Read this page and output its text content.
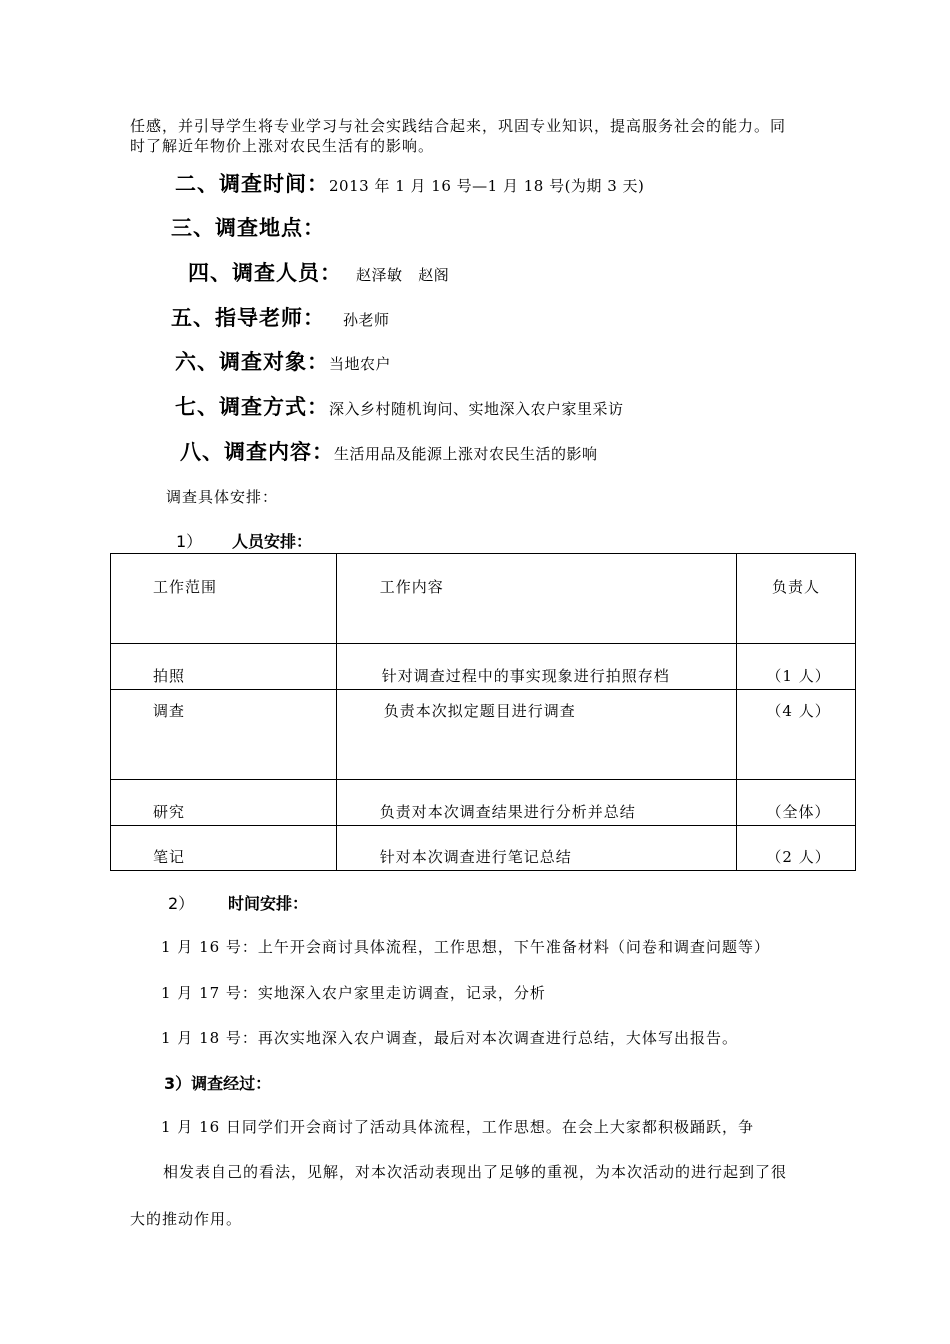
任感，并引导学生将专业学习与社会实践结合起来，巩固专业知识，提高服务社会的能力。同
时了解近年物价上涨对农民生活有的影响。
二、调查时间：2013 年 1 月 16 号—1 月 18 号(为期 3 天)
三、调查地点：
四、调查人员： 赵泽敏   赵阁
五、指导老师： 孙老师
六、调查对象：当地农户
七、调查方式：深入乡村随机询问、实地深入农户家里采访
八、调查内容：生活用品及能源上涨对农民生活的影响
调查具体安排：
1） 人员安排：
工作范围	工作内容	负责人

拍照	针对调查过程中的事实现象进行拍照存档	（1 人）

调查	负责本次拟定题目进行调查	（4 人）

研究	负责对本次调查结果进行分析并总结	（全体）

笔记	针对本次调查进行笔记总结	（2 人）
2） 时间安排：
1 月 16 号：上午开会商讨具体流程，工作思想，下午准备材料（问卷和调查问题等）
1 月 17 号：实地深入农户家里走访调查，记录，分析
1 月 18 号：再次实地深入农户调查，最后对本次调查进行总结，大体写出报告。
3）调查经过：
1 月 16 日同学们开会商讨了活动具体流程，工作思想。在会上大家都积极踊跃，争
相发表自己的看法，见解，对本次活动表现出了足够的重视，为本次活动的进行起到了很
大的推动作用。
